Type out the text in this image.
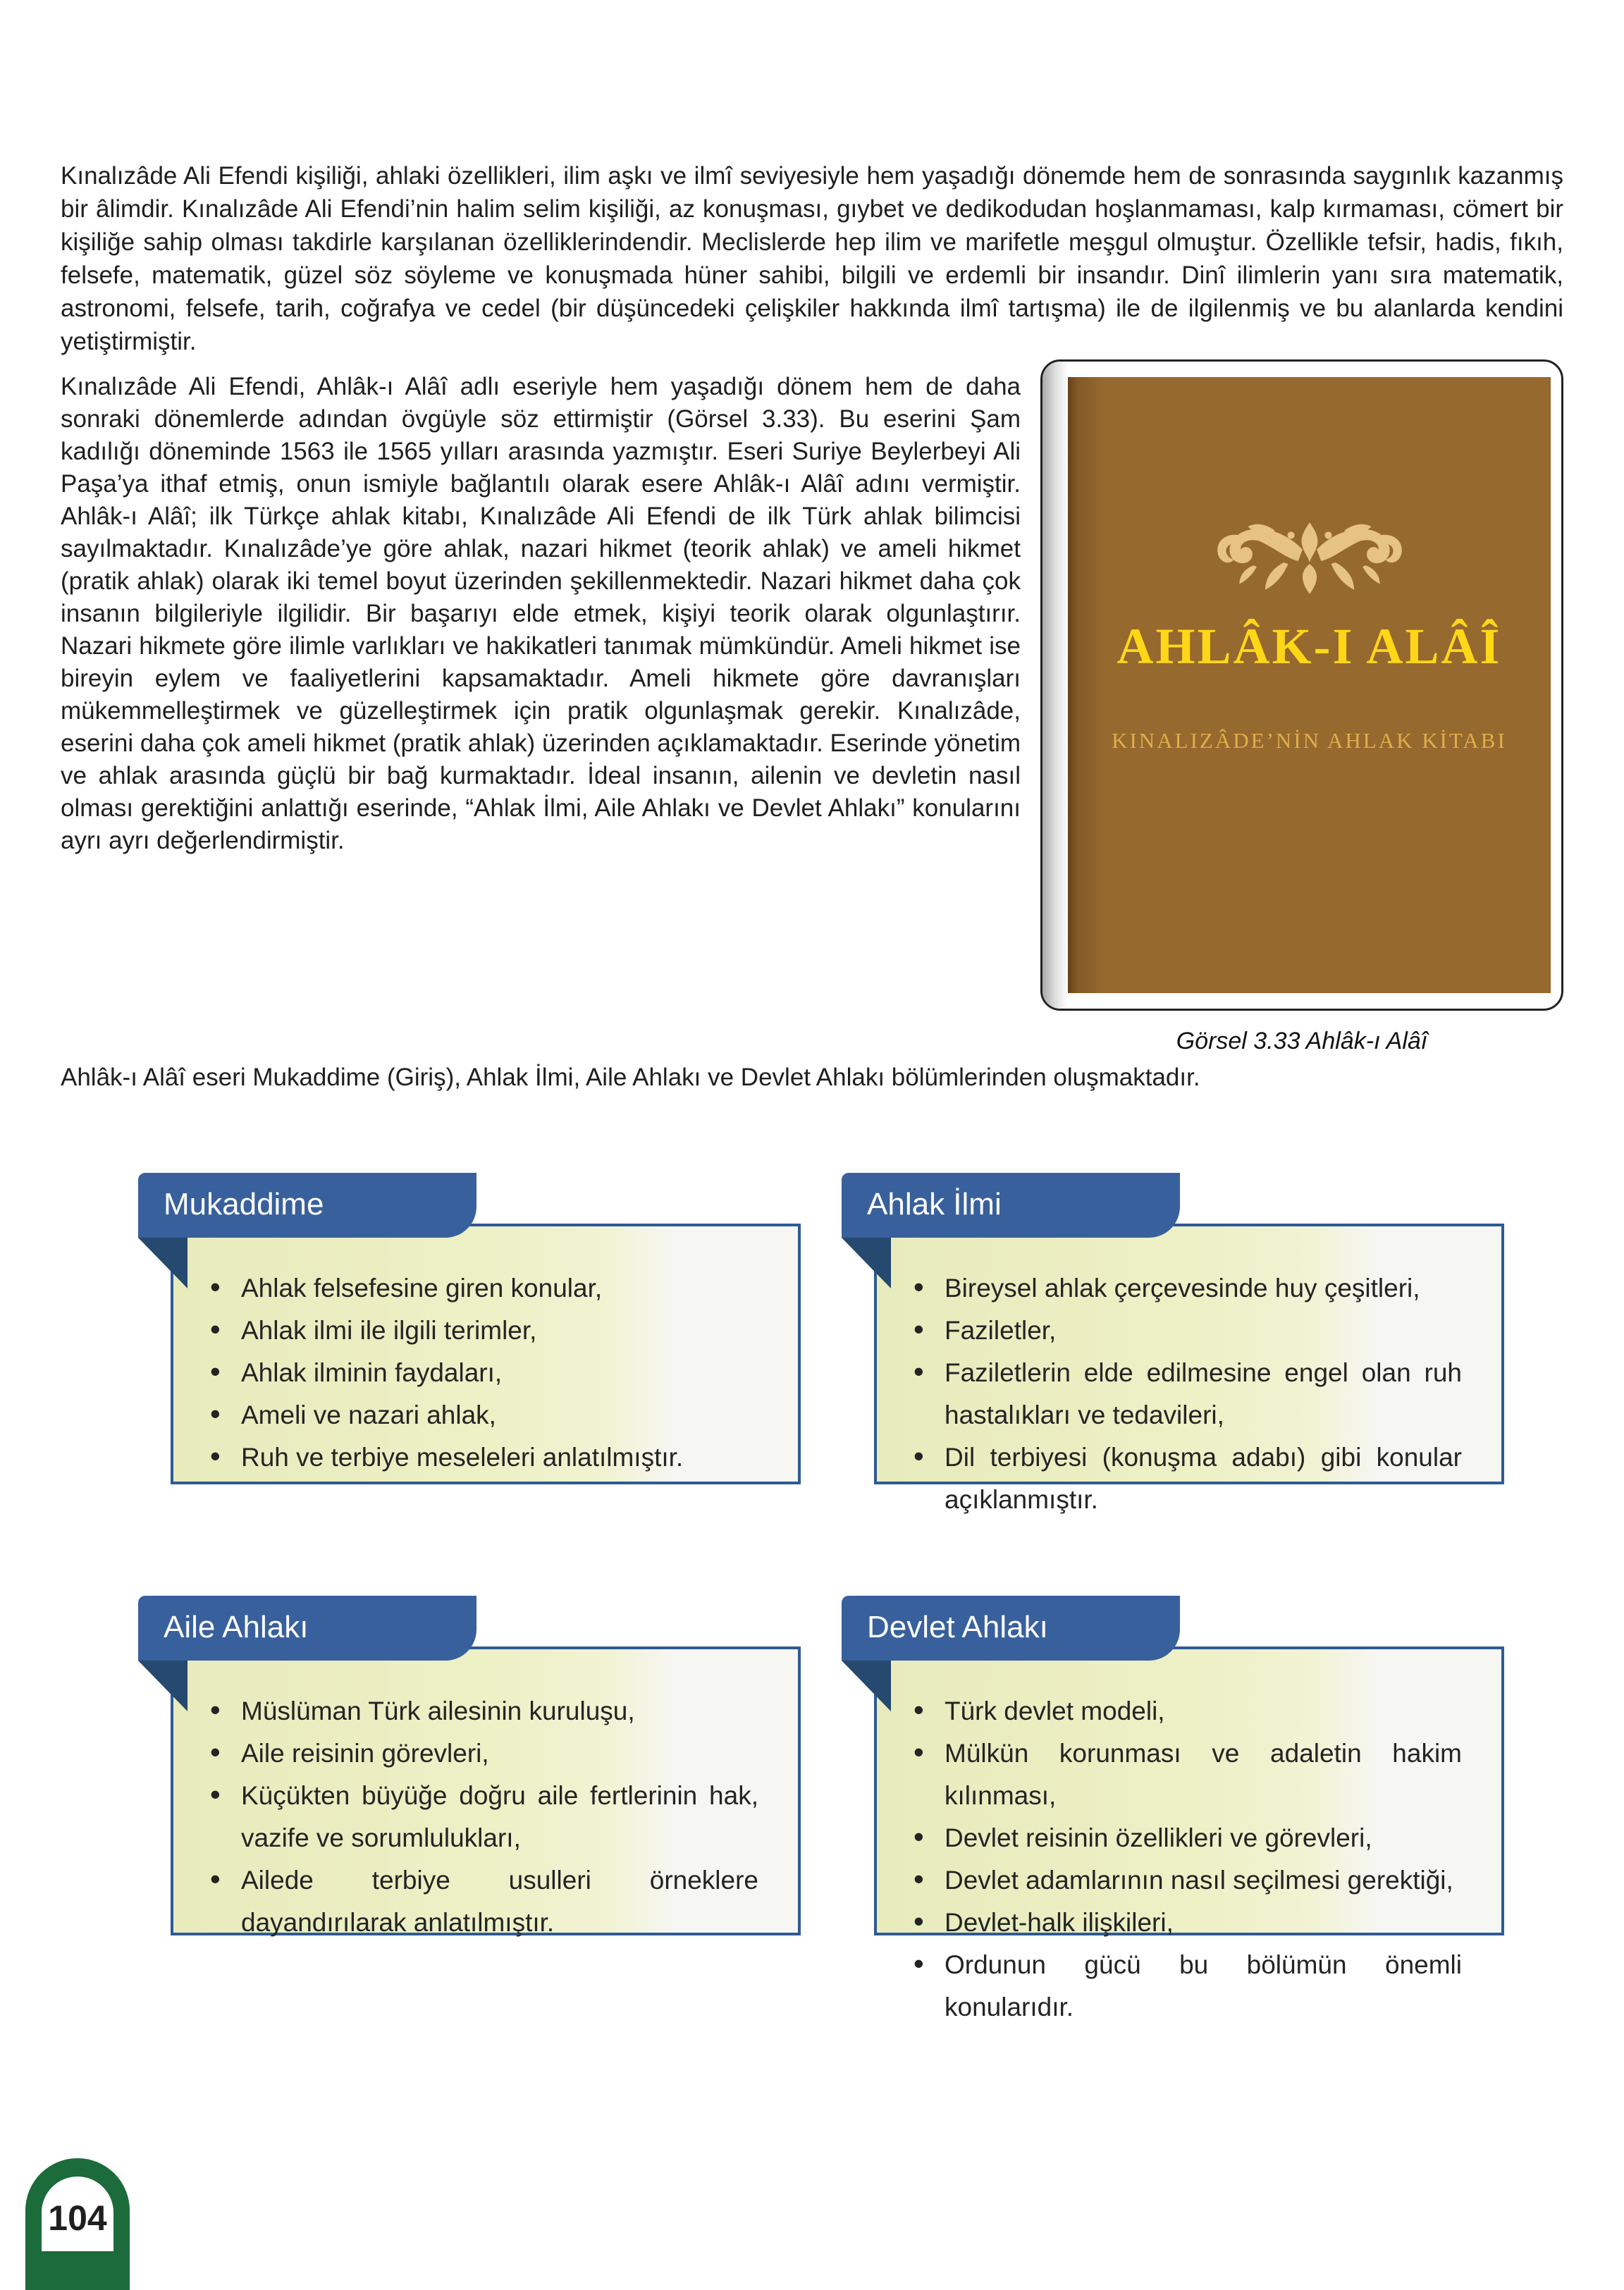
Kınalızâde Ali Efendi kişiliği, ahlaki özellikleri, ilim aşkı ve ilmî seviyesiyle hem yaşadığı dönemde hem de sonrasında saygınlık kazanmış bir âlimdir. Kınalızâde Ali Efendi’nin halim selim kişiliği, az konuşması, gıybet ve dedikodudan hoşlanmaması, kalp kırmaması, cömert bir kişiliğe sahip olması takdirle karşılanan özelliklerindendir. Meclislerde hep ilim ve marifetle meşgul olmuştur. Özellikle tefsir, hadis, fıkıh, felsefe, matematik, güzel söz söyleme ve konuşmada hüner sahibi, bilgili ve erdemli bir insandır. Dinî ilimlerin yanı sıra matematik, astronomi, felsefe, tarih, coğrafya ve cedel (bir düşüncedeki çelişkiler hakkında ilmî tartışma) ile de ilgilenmiş ve bu alanlarda kendini yetiştirmiştir.

AHLÂK-I ALÂÎ
KINALIZÂDE’NİN AHLAK KİTABI
Görsel 3.33 Ahlâk-ı Alâî

Kınalızâde Ali Efendi, Ahlâk-ı Alâî adlı eseriyle hem yaşadığı dönem hem de daha sonraki dönemlerde adından övgüyle söz ettirmiştir (Görsel 3.33). Bu eserini Şam kadılığı döneminde 1563 ile 1565 yılları arasında yazmıştır. Eseri Suriye Beylerbeyi Ali Paşa’ya ithaf etmiş, onun ismiyle bağlantılı olarak esere Ahlâk-ı Alâî adını vermiştir. Ahlâk-ı Alâî; ilk Türkçe ahlak kitabı, Kınalızâde Ali Efendi de ilk Türk ahlak bilimcisi sayılmaktadır. Kınalızâde’ye göre ahlak, nazari hikmet (teorik ahlak) ve ameli hikmet (pratik ahlak) olarak iki temel boyut üzerinden şekillenmektedir. Nazari hikmet daha çok insanın bilgileriyle ilgilidir. Bir başarıyı elde etmek, kişiyi teorik olarak olgunlaştırır. Nazari hikmete göre ilimle varlıkları ve hakikatleri tanımak mümkündür. Ameli hikmet ise bireyin eylem ve faaliyetlerini kapsamaktadır. Ameli hikmete göre davranışları mükemmelleştirmek ve güzelleştirmek için pratik olgunlaşmak gerekir. Kınalızâde, eserini daha çok ameli hikmet (pratik ahlak) üzerinden açıklamaktadır. Eserinde yönetim ve ahlak arasında güçlü bir bağ kurmaktadır. İdeal insanın, ailenin ve devletin nasıl olması gerektiğini anlattığı eserinde, “Ahlak İlmi, Aile Ahlakı ve Devlet Ahlakı” konularını ayrı ayrı değerlendirmiştir.

Ahlâk-ı Alâî eseri Mukaddime (Giriş), Ahlak İlmi, Aile Ahlakı ve Devlet Ahlakı bölümlerinden oluşmaktadır.

Mukaddime
• Ahlak felsefesine giren konular,
• Ahlak ilmi ile ilgili terimler,
• Ahlak ilminin faydaları,
• Ameli ve nazari ahlak,
• Ruh ve terbiye meseleleri anlatılmıştır.
Ahlak İlmi
• Bireysel ahlak çerçevesinde huy çeşitleri,
• Faziletler,
• Faziletlerin elde edilmesine engel olan ruh hastalıkları ve tedavileri,
• Dil terbiyesi (konuşma adabı) gibi konular açıklanmıştır.
Aile Ahlakı
• Müslüman Türk ailesinin kuruluşu,
• Aile reisinin görevleri,
• Küçükten büyüğe doğru aile fertlerinin hak, vazife ve sorumlulukları,
• Ailede terbiye usulleri örneklere dayandırılarak anlatılmıştır.
Devlet Ahlakı
• Türk devlet modeli,
• Mülkün korunması ve adaletin hakim kılınması,
• Devlet reisinin özellikleri ve görevleri,
• Devlet adamlarının nasıl seçilmesi gerektiği,
• Devlet-halk ilişkileri,
• Ordunun gücü bu bölümün önemli konularıdır.
104
